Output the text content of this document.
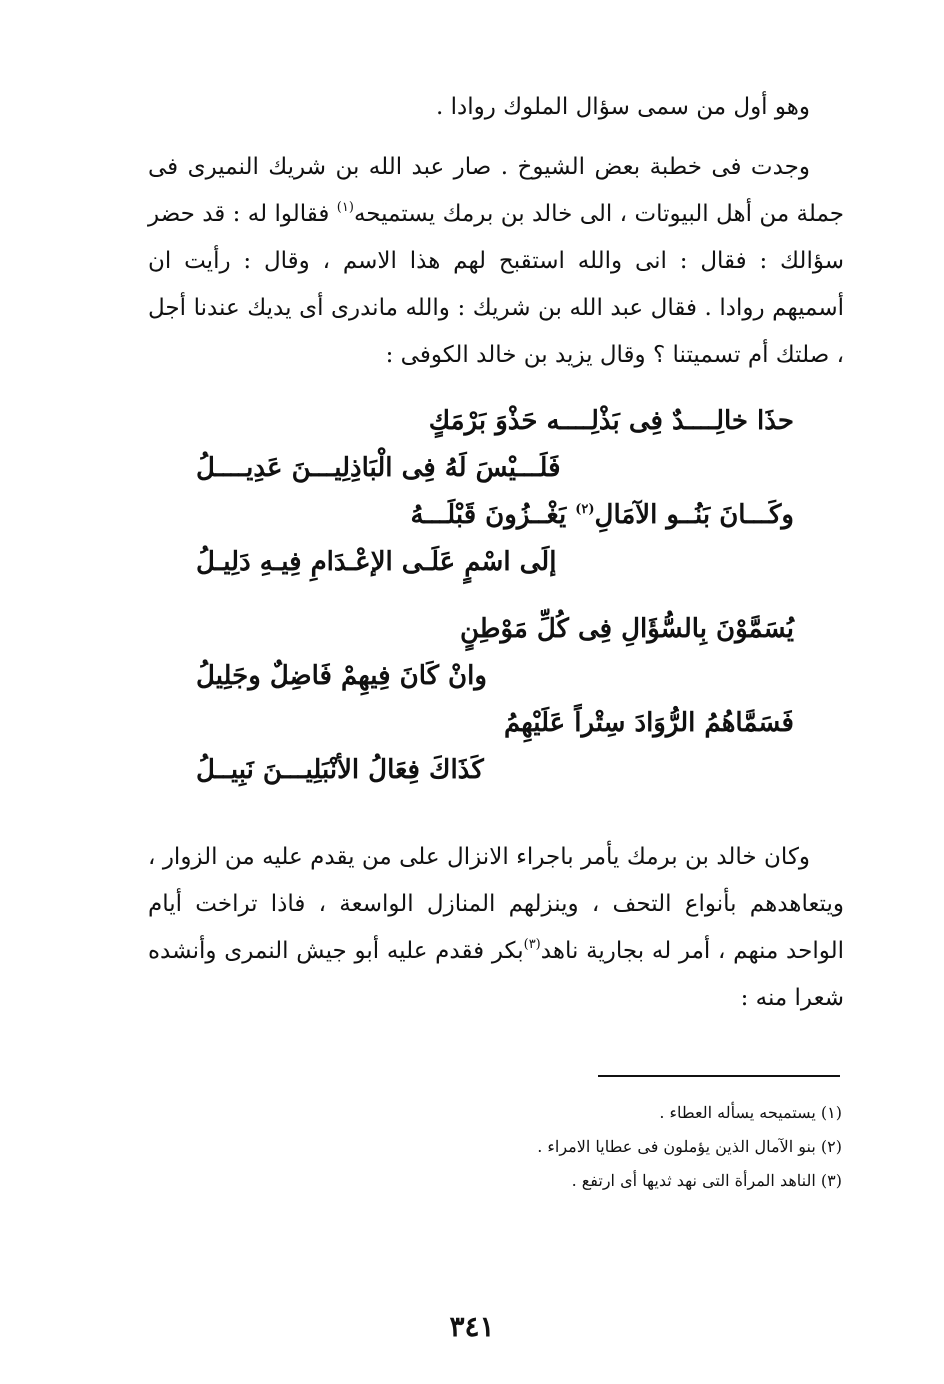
وهو أول من سمى سؤال الملوك روادا .

وجدت فى خطبة بعض الشيوخ . صار عبد الله بن شريك النميرى فى جملة من أهل البيوتات ، الى خالد بن برمك يستميحه$^{(١)}$ فقالوا له : قد حضر سؤالك : فقال : انى والله استقبح لهم هذا الاسم ، وقال : رأيت ان أسميهم روادا . فقال عبد الله بن شريك : والله ماندرى أى يديك عندنا أجل ، صلتك أم تسميتنا ؟ وقال يزيد بن خالد الكوفى :

حذَا خالِــــدٌ فِى بَذْلِــــه حَذْوَ بَرْمَكٍ
فَلَـــيْسَ لَهُ فِى الْبَاذِلِيـــنَ عَدِيــــلُ
وكَـــانَ بَنُــو الآمَالِ$^{(٢)}$ يَغْــزُونَ قَبْلَـــهُ
إلَى اسْمٍ عَلَـى الإعْـدَامِ فِيـهِ دَلِيـلُ
يُسَمَّوْنَ بِالسُّؤَالِ فِى كُلِّ مَوْطِنٍ
وانْ كَانَ فِيهِمْ فَاضِلٌ وجَلِيلُ
فَسَمَّاهُمُ الرُّوَادَ سِتْراً عَلَيْهِمُ
كَذَاكَ فِعَالُ الأنْبَلِيـــنَ نَبِيــلُ

وكان خالد بن برمك يأمر باجراء الانزال على من يقدم عليه من الزوار ، ويتعاهدهم بأنواع التحف ، وينزلهم المنازل الواسعة ، فاذا تراخت أيام الواحد منهم ، أمر له بجارية ناهد$^{(٣)}$بكر فقدم عليه أبو جيش النمرى وأنشده شعرا منه :

(١) يستميحه يسأله العطاء .
(٢) بنو الآمال الذين يؤملون فى عطايا الامراء .
(٣) الناهد المرأة التى نهد ثديها أى ارتفع .
٣٤١
